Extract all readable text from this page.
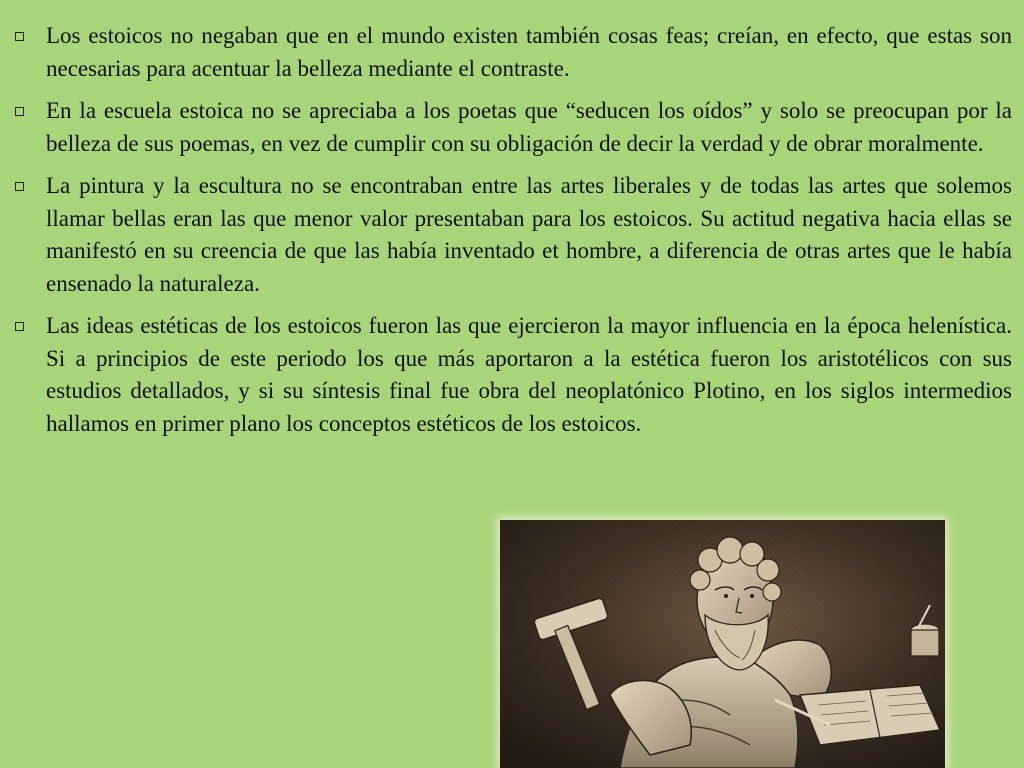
Los estoicos no negaban que en el mundo existen también cosas feas; creían, en efecto, que estas son necesarias para acentuar la belleza mediante el contraste.
En la escuela estoica no se apreciaba a los poetas que “seducen los oídos” y solo se preocupan por la belleza de sus poemas, en vez de cumplir con su obligación de decir la verdad y de obrar moralmente.
La pintura y la escultura no se encontraban entre las artes liberales y de todas las artes que solemos llamar bellas eran las que menor valor presentaban para los estoicos. Su actitud negativa hacia ellas se manifestó en su creencia de que las había inventado et hombre, a diferencia de otras artes que le había ensenado la naturaleza.
Las ideas estéticas de los estoicos fueron las que ejercieron la mayor influencia en la época helenística. Si a principios de este periodo los que más aportaron a la estética fueron los aristotélicos con sus estudios detallados, y si su síntesis final fue obra del neoplatónico Plotino, en los siglos intermedios hallamos en primer plano los conceptos estéticos de los estoicos.
